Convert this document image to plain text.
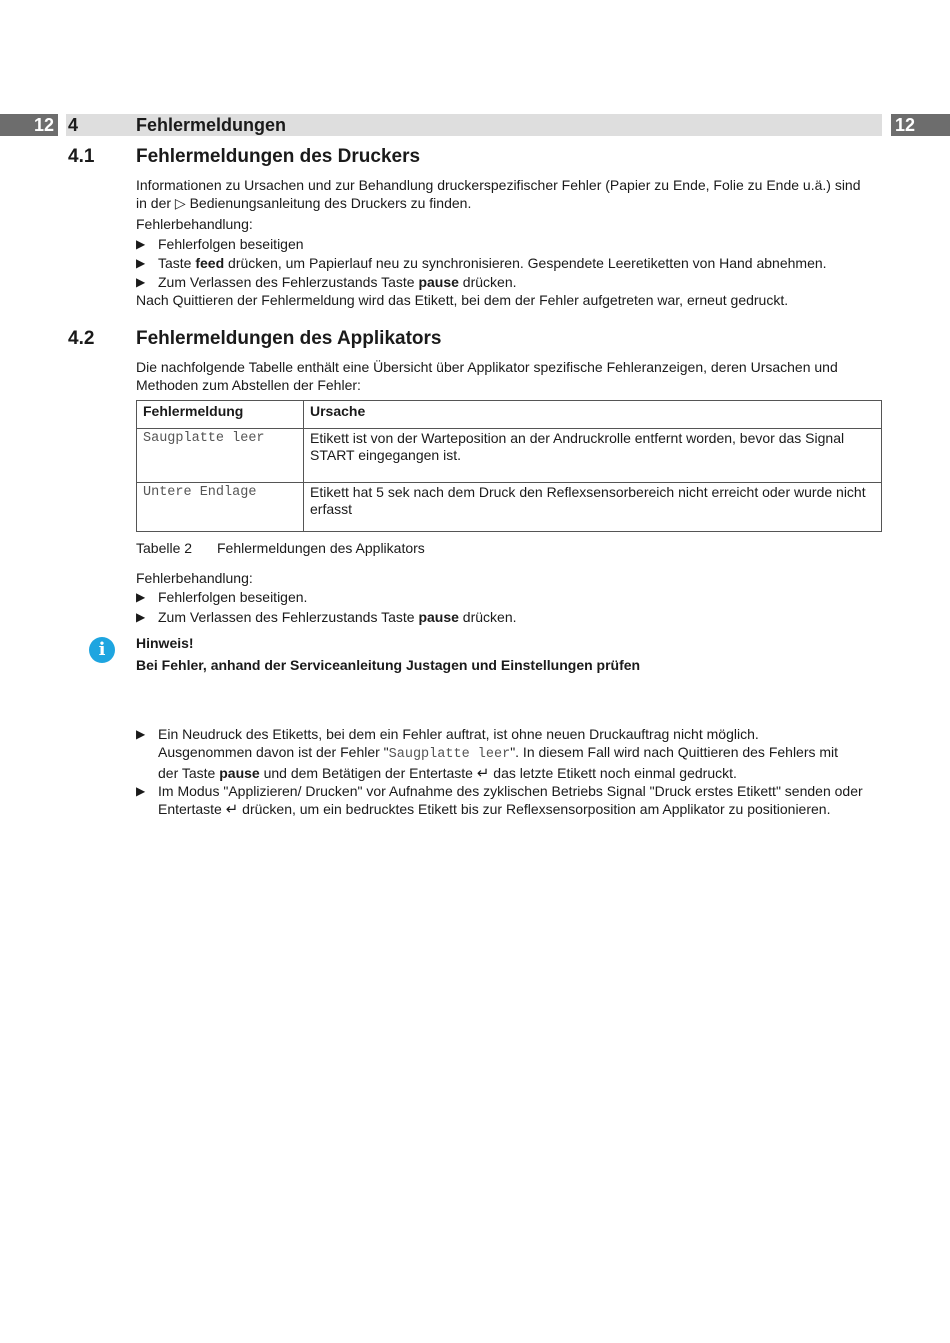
12	12
4	Fehlermeldungen
4.1 Fehlermeldungen des Druckers
Informationen zu Ursachen und zur Behandlung druckerspezifischer Fehler (Papier zu Ende, Folie zu Ende u.ä.) sind
in der ▷ Bedienungsanleitung des Druckers zu finden.
Fehlerbehandlung:
▶ Fehlerfolgen beseitigen
▶ Taste feed drücken, um Papierlauf neu zu synchronisieren. Gespendete Leeretiketten von Hand abnehmen.
▶ Zum Verlassen des Fehlerzustands Taste pause drücken.
Nach Quittieren der Fehlermeldung wird das Etikett, bei dem der Fehler aufgetreten war, erneut gedruckt.
4.2 Fehlermeldungen des Applikators
Die nachfolgende Tabelle enthält eine Übersicht über Applikator spezifische Fehleranzeigen, deren Ursachen und
Methoden zum Abstellen der Fehler:
Fehlermeldung	Ursache
Saugplatte leer	Etikett ist von der Warteposition an der Andruckrolle entfernt worden, bevor das Signal START eingegangen ist.
Untere Endlage	Etikett hat 5 sek nach dem Druck den Reflexsensorbereich nicht erreicht oder wurde nicht erfasst
Tabelle 2 Fehlermeldungen des Applikators
Fehlerbehandlung:
▶ Fehlerfolgen beseitigen.
▶ Zum Verlassen des Fehlerzustands Taste pause drücken.
i	Hinweis!
Bei Fehler, anhand der Serviceanleitung Justagen und Einstellungen prüfen
▶ Ein Neudruck des Etiketts, bei dem ein Fehler auftrat, ist ohne neuen Druckauftrag nicht möglich.
Ausgenommen davon ist der Fehler "Saugplatte leer". In diesem Fall wird nach Quittieren des Fehlers mit
der Taste pause und dem Betätigen der Entertaste ↵ das letzte Etikett noch einmal gedruckt.
▶ Im Modus "Applizieren/ Drucken" vor Aufnahme des zyklischen Betriebs Signal "Druck erstes Etikett" senden oder
Entertaste ↵ drücken, um ein bedrucktes Etikett bis zur Reflexsensorposition am Applikator zu positionieren.
